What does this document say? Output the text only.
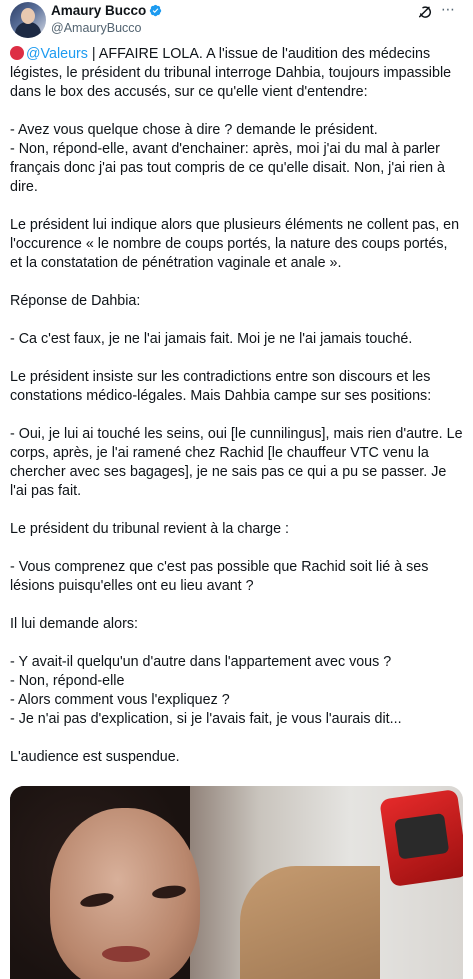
Amaury Bucco
@AmauryBucco
⋯

@Valeurs | AFFAIRE LOLA. A l'issue de l'audition des médecins légistes, le président du tribunal interroge Dahbia, toujours impassible dans le box des accusés, sur ce qu'elle vient d'entendre:

- Avez vous quelque chose à dire ? demande le président.

- Non, répond-elle, avant d'enchainer: après, moi j'ai du mal à parler français donc j'ai pas tout compris de ce qu'elle disait. Non, j'ai rien à dire.

Le président lui indique alors que plusieurs éléments ne collent pas, en l'occurence « le nombre de coups portés, la nature des coups portés, et la constatation de pénétration vaginale et anale ».

Réponse de Dahbia:

- Ca c'est faux, je ne l'ai jamais fait. Moi je ne l'ai jamais touché.

Le président insiste sur les contradictions entre son discours et les constations médico-légales. Mais Dahbia campe sur ses positions:

- Oui, je lui ai touché les seins, oui [le cunnilingus], mais rien d'autre. Le corps, après, je l'ai ramené chez Rachid [le chauffeur VTC venu la chercher avec ses bagages], je ne sais pas ce qui a pu se passer. Je l'ai pas fait.

Le président du tribunal revient à la charge :

- Vous comprenez que c'est pas possible que Rachid soit lié à ses lésions puisqu'elles ont eu lieu avant ?

Il lui demande alors:

- Y avait-il quelqu'un d'autre dans l'appartement avec vous ?

- Non, répond-elle

- Alors comment vous l'expliquez ?

- Je n'ai pas d'explication, si je l'avais fait, je vous l'aurais dit...

L'audience est suspendue.
